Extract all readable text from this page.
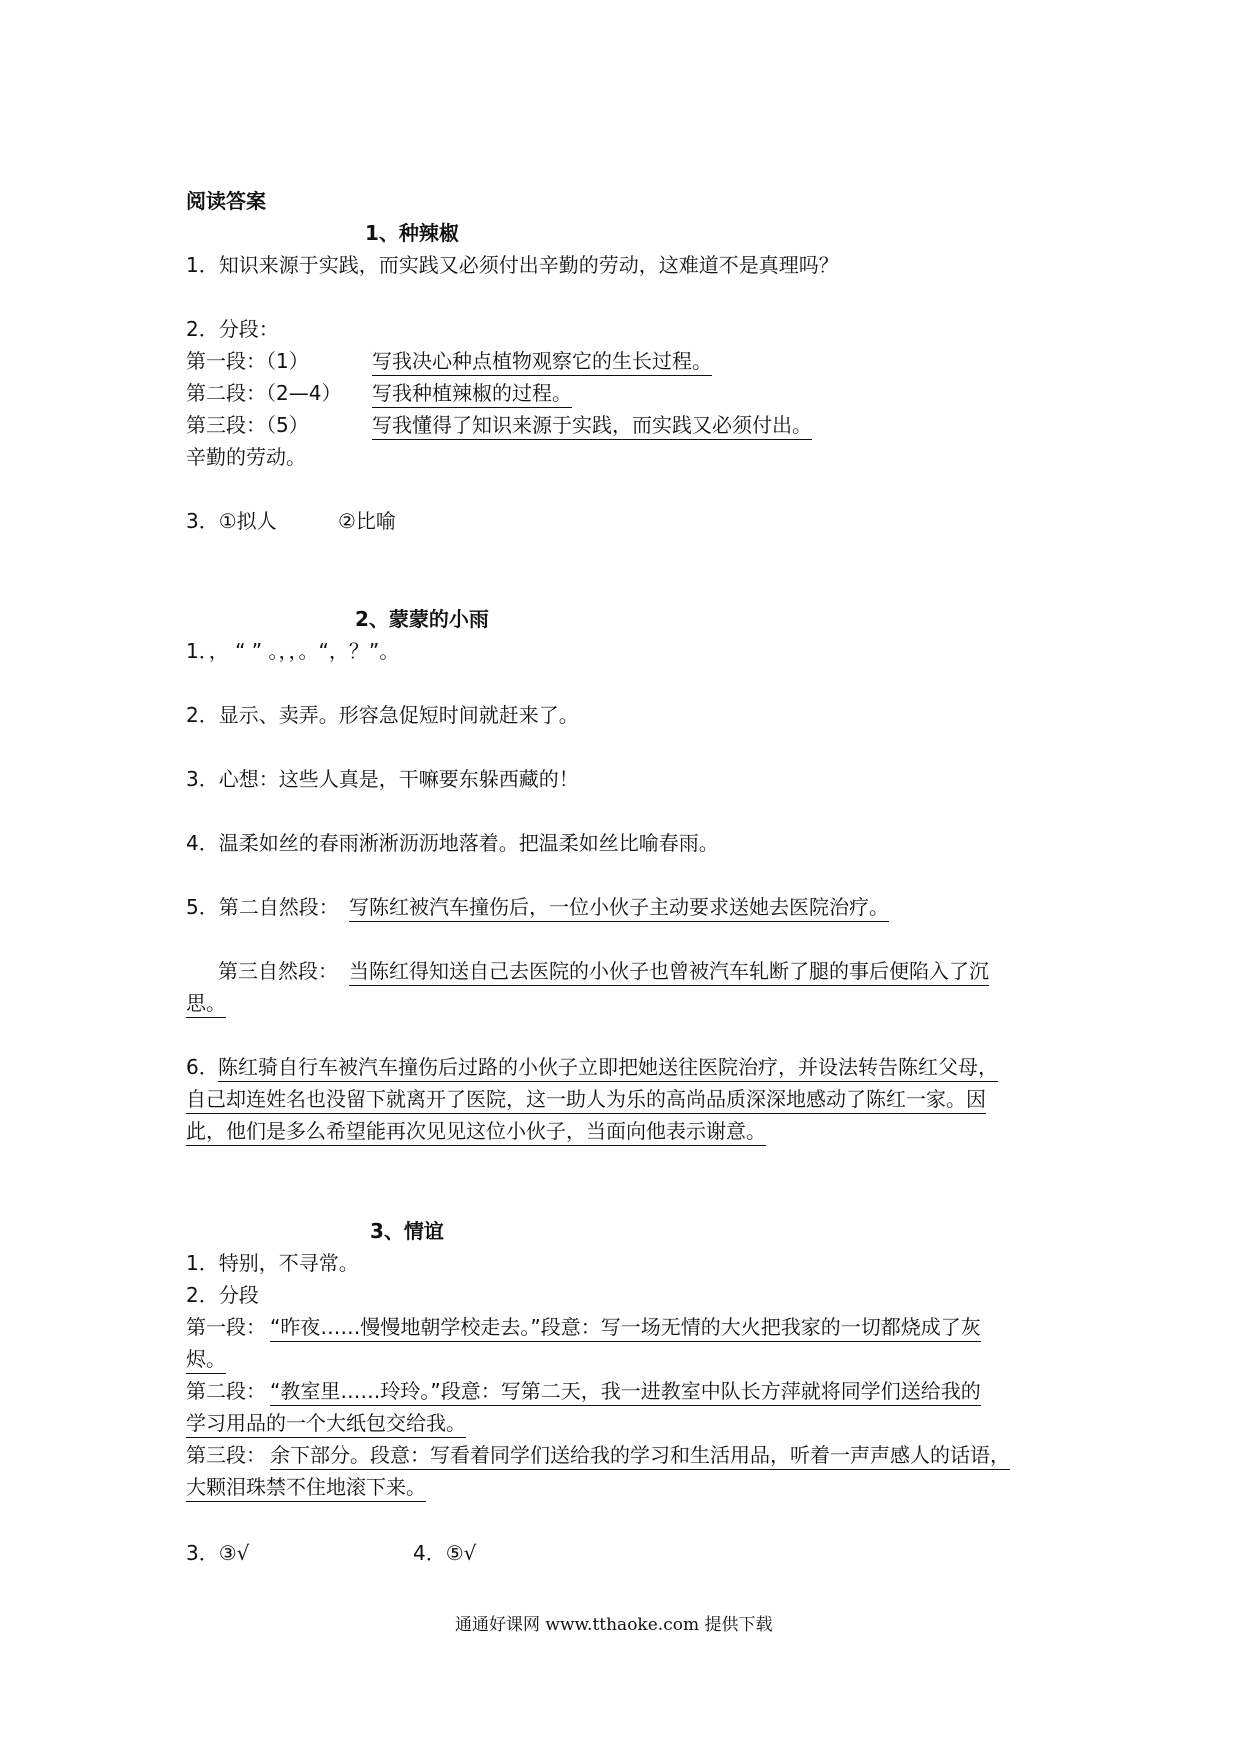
阅读答案
1、种辣椒
1．知识来源于实践，而实践又必须付出辛勤的劳动，这难道不是真理吗？
2．分段：
第一段：（1）	写我决心种点植物观察它的生长过程。
第二段：（2—4） 写我种植辣椒的过程。
第三段：（5）	写我懂得了知识来源于实践，而实践又必须付出。
辛勤的劳动。
3．①拟人	②比喻
2、蒙蒙的小雨
1．， “ ” 。，，。“，？”。
2．显示、卖弄。形容急促短时间就赶来了。
3．心想：这些人真是，干嘛要东躲西藏的！
4．温柔如丝的春雨淅淅沥沥地落着。把温柔如丝比喻春雨。
5．第二自然段： 写陈红被汽车撞伤后，一位小伙子主动要求送她去医院治疗。
第三自然段： 当陈红得知送自己去医院的小伙子也曾被汽车轧断了腿的事后便陷入了沉
思。
6． 陈红骑自行车被汽车撞伤后过路的小伙子立即把她送往医院治疗，并设法转告陈红父母，
自己却连姓名也没留下就离开了医院，这一助人为乐的高尚品质深深地感动了陈红一家。因
此，他们是多么希望能再次见见这位小伙子，当面向他表示谢意。
3、情谊
1．特别，不寻常。
2．分段
第一段： “昨夜……慢慢地朝学校走去。”段意：写一场无情的大火把我家的一切都烧成了灰
烬。
第二段： “教室里……玲玲。”段意：写第二天，我一进教室中队长方萍就将同学们送给我的
学习用品的一个大纸包交给我。
第三段： 余下部分。段意：写看着同学们送给我的学习和生活用品，听着一声声感人的话语，
大颗泪珠禁不住地滚下来。
3．③√	4．⑤√
通通好课网 www.tthaoke.com 提供下载
